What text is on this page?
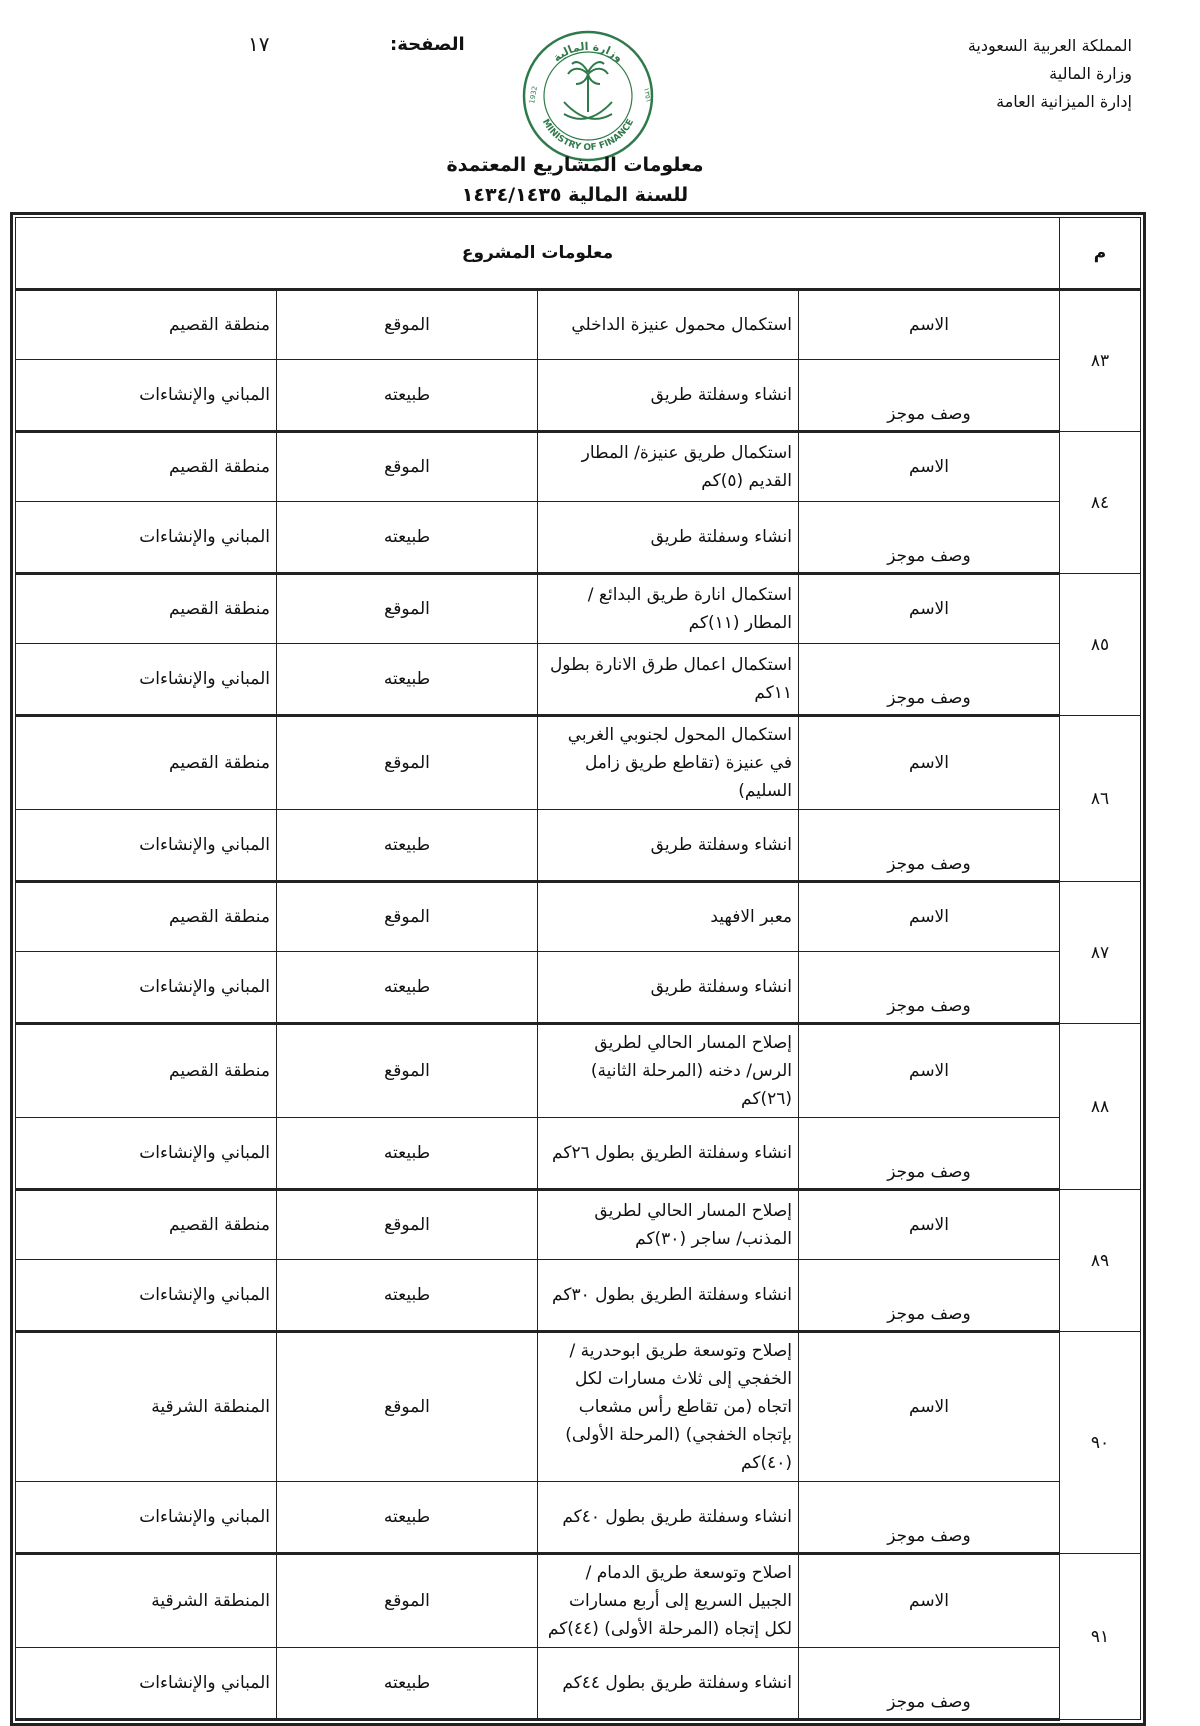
المملكة العربية السعودية
وزارة المالية
إدارة الميزانية العامة
الصفحة:
١٧
وزارة المالية
MINISTRY OF FINANCE
1932	١٣٥١
معلومات المشاريع المعتمدة
للسنة المالية ١٤٣٤/١٤٣٥
م	معلومات المشروع			
٨٣	الاسم	استكمال محمول عنيزة الداخلي	الموقع	منطقة القصيم
	وصف موجز	انشاء وسفلتة طريق	طبيعته	المباني والإنشاءات
٨٤	الاسم	استكمال طريق عنيزة/ المطار القديم (٥)كم	الموقع	منطقة القصيم
	وصف موجز	انشاء وسفلتة طريق	طبيعته	المباني والإنشاءات
٨٥	الاسم	استكمال انارة طريق البدائع / المطار (١١)كم	الموقع	منطقة القصيم
	وصف موجز	استكمال اعمال طرق الانارة بطول ١١كم	طبيعته	المباني والإنشاءات
٨٦	الاسم	استكمال المحول لجنوبي الغربي في عنيزة (تقاطع طريق زامل السليم)	الموقع	منطقة القصيم
	وصف موجز	انشاء وسفلتة طريق	طبيعته	المباني والإنشاءات
٨٧	الاسم	معبر الافهيد	الموقع	منطقة القصيم
	وصف موجز	انشاء وسفلتة طريق	طبيعته	المباني والإنشاءات
٨٨	الاسم	إصلاح المسار الحالي لطريق الرس/ دخنه (المرحلة الثانية) (٢٦)كم	الموقع	منطقة القصيم
	وصف موجز	انشاء وسفلتة الطريق بطول ٢٦كم	طبيعته	المباني والإنشاءات
٨٩	الاسم	إصلاح المسار الحالي لطريق المذنب/ ساجر (٣٠)كم	الموقع	منطقة القصيم
	وصف موجز	انشاء وسفلتة الطريق بطول ٣٠كم	طبيعته	المباني والإنشاءات
٩٠	الاسم	إصلاح وتوسعة طريق ابوحدرية / الخفجي إلى ثلاث مسارات لكل اتجاه (من تقاطع رأس مشعاب بإتجاه الخفجي) (المرحلة الأولى) (٤٠)كم	الموقع	المنطقة الشرقية
	وصف موجز	انشاء وسفلتة طريق بطول ٤٠كم	طبيعته	المباني والإنشاءات
٩١	الاسم	اصلاح وتوسعة طريق الدمام / الجبيل السريع إلى أربع مسارات لكل إتجاه (المرحلة الأولى) (٤٤)كم	الموقع	المنطقة الشرقية
	وصف موجز	انشاء وسفلتة طريق بطول ٤٤كم	طبيعته	المباني والإنشاءات
